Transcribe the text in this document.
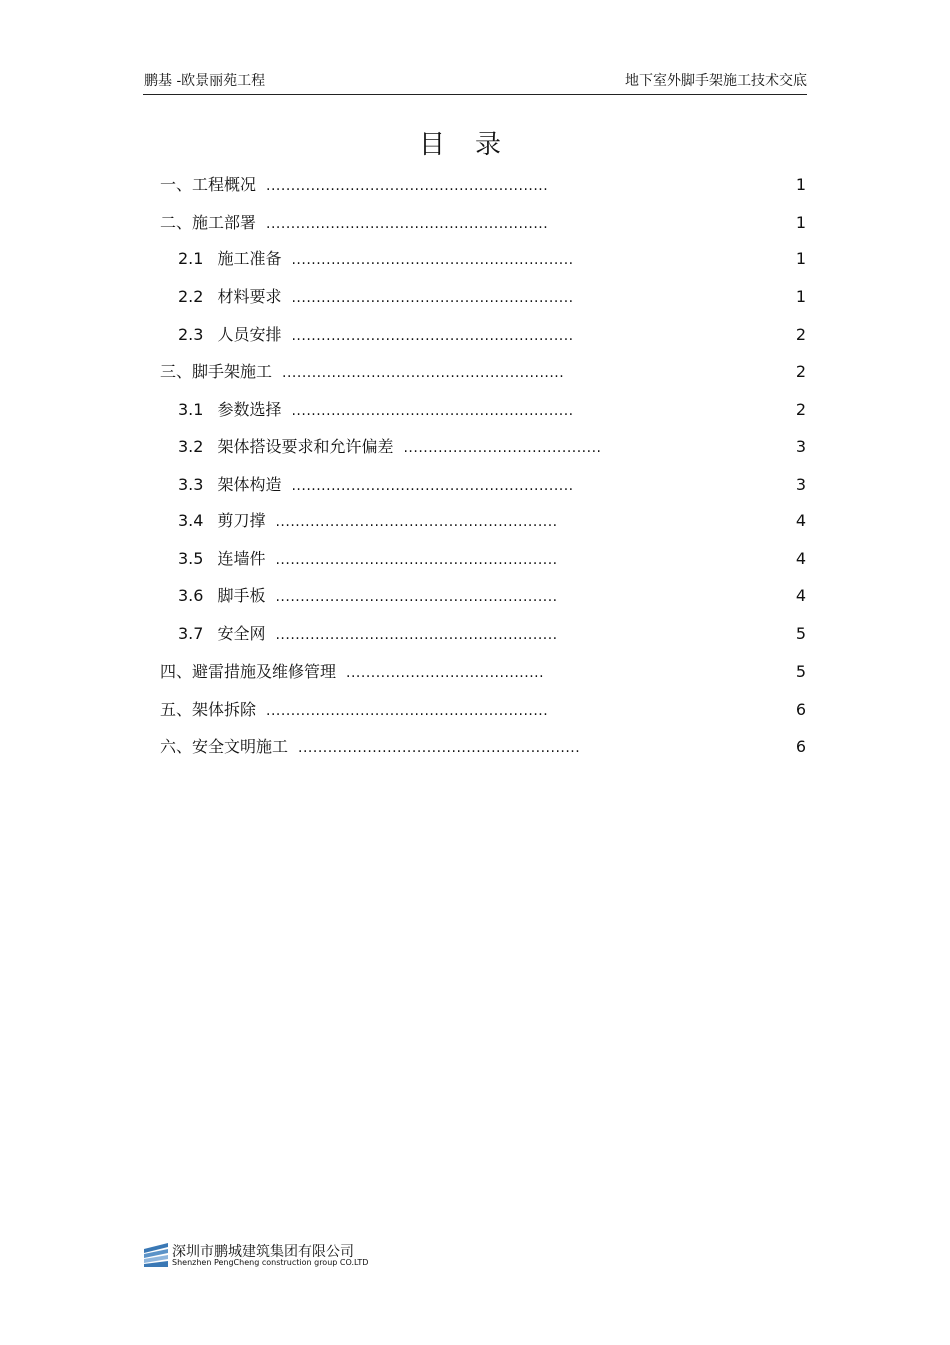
鹏基 -欧景丽苑工程	地下室外脚手架施工技术交底
目录
一、工程概况 .........................................................	1
二、施工部署 .........................................................	1
2.1 施工准备 .........................................................	1
2.2 材料要求 .........................................................	1
2.3 人员安排 .........................................................	2
三、脚手架施工 .........................................................	2
3.1 参数选择 .........................................................	2
3.2 架体搭设要求和允许偏差 ........................................	3
3.3 架体构造 .........................................................	3
3.4 剪刀撑 .........................................................	4
3.5 连墙件 .........................................................	4
3.6 脚手板 .........................................................	4
3.7 安全网 .........................................................	5
四、避雷措施及维修管理 ........................................	5
五、架体拆除 .........................................................	6
六、安全文明施工 .........................................................	6
深圳市鹏城建筑集团有限公司
Shenzhen PengCheng construction group CO.LTD
